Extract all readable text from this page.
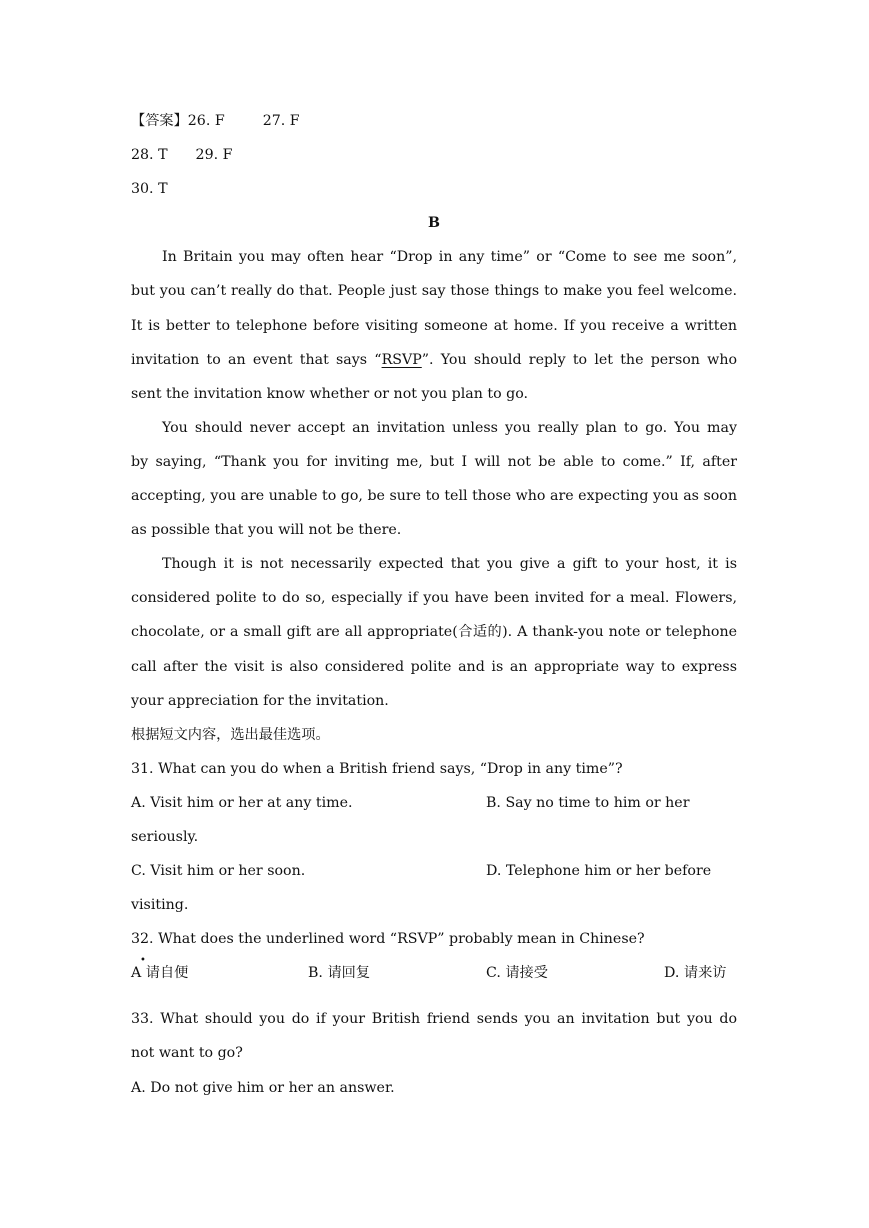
【答案】26. F	27. F
28. T 29. F
30. T
B
In Britain you may often hear “Drop in any time” or “Come to see me soon”,
but you can’t really do that. People just say those things to make you feel welcome.
It is better to telephone before visiting someone at home. If you receive a written
invitation to an event that says “RSVP”. You should reply to let the person who
sent the invitation know whether or not you plan to go.
You should never accept an invitation unless you really plan to go. You may
by saying, “Thank you for inviting me, but I will not be able to come.” If, after
accepting, you are unable to go, be sure to tell those who are expecting you as soon
as possible that you will not be there.
Though it is not necessarily expected that you give a gift to your host, it is
considered polite to do so, especially if you have been invited for a meal. Flowers,
chocolate, or a small gift are all appropriate(合适的). A thank-you note or telephone
call after the visit is also considered polite and is an appropriate way to express
your appreciation for the invitation.
根据短文内容，选出最佳选项。
31. What can you do when a British friend says, “Drop in any time”?
A. Visit him or her at any time.	B. Say no time to him or her
seriously.
C. Visit him or her soon.	D. Telephone him or her before
visiting.
32. What does the underlined word “RSVP” probably mean in Chinese?
A 请自便
•
B. 请回复	C. 请接受	D. 请来访
33. What should you do if your British friend sends you an invitation but you do
not want to go?
A. Do not give him or her an answer.
